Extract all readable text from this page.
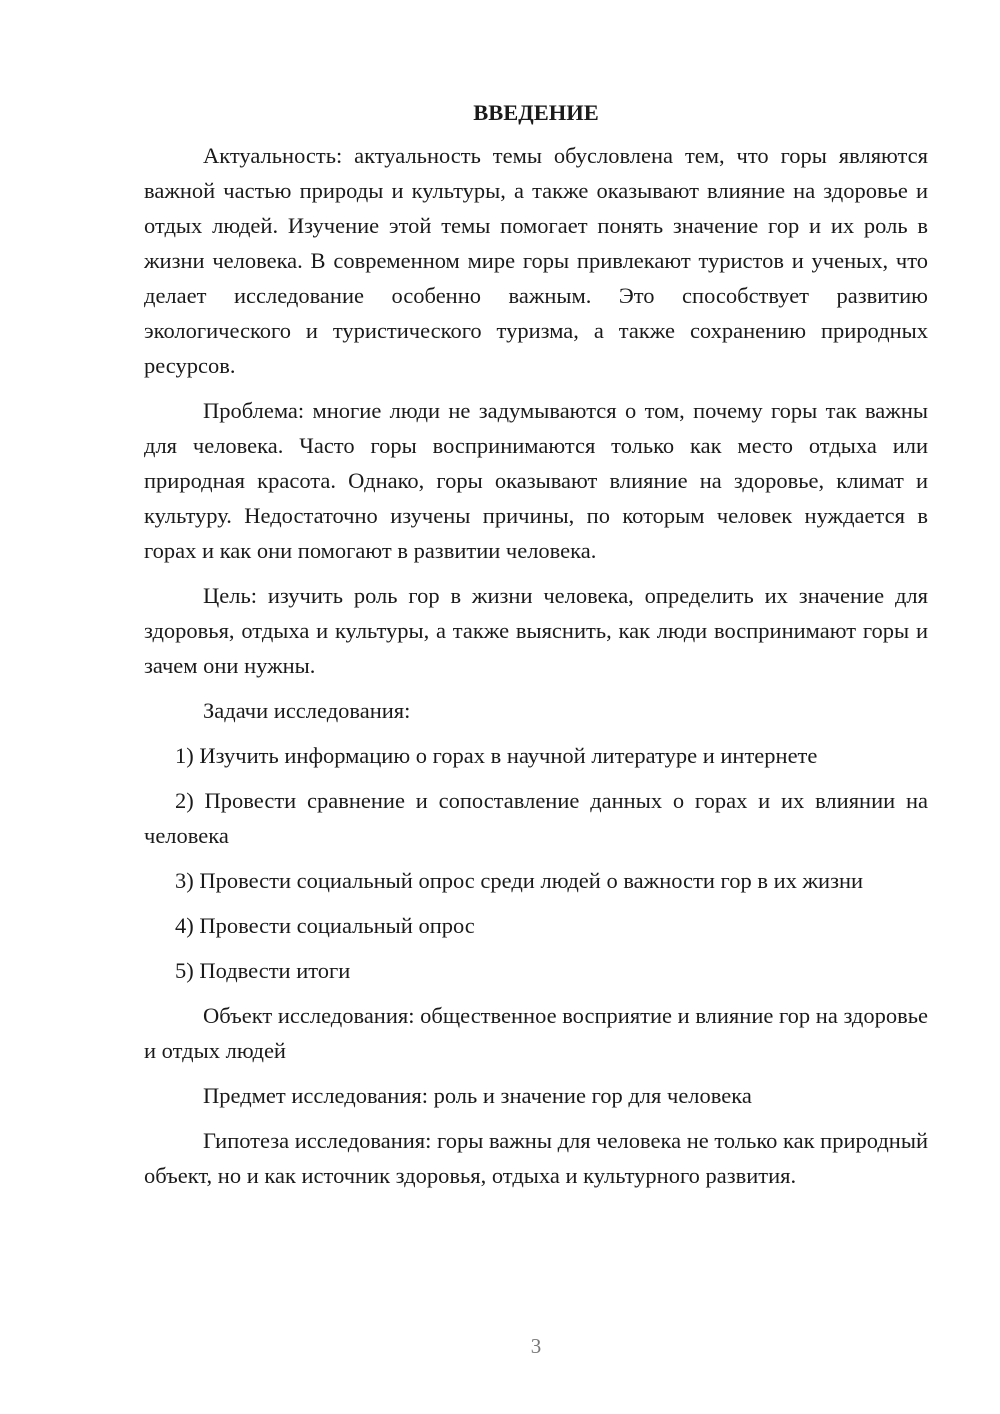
ВВЕДЕНИЕ

Актуальность: актуальность темы обусловлена тем, что горы являются важной частью природы и культуры, а также оказывают влияние на здоровье и отдых людей. Изучение этой темы помогает понять значение гор и их роль в жизни человека. В современном мире горы привлекают туристов и ученых, что делает исследование особенно важным. Это способствует развитию экологического и туристического туризма, а также сохранению природных ресурсов.

Проблема: многие люди не задумываются о том, почему горы так важны для человека. Часто горы воспринимаются только как место отдыха или природная красота. Однако, горы оказывают влияние на здоровье, климат и культуру. Недостаточно изучены причины, по которым человек нуждается в горах и как они помогают в развитии человека.

Цель: изучить роль гор в жизни человека, определить их значение для здоровья, отдыха и культуры, а также выяснить, как люди воспринимают горы и зачем они нужны.

Задачи исследования:

1) Изучить информацию о горах в научной литературе и интернете

2) Провести сравнение и сопоставление данных о горах и их влиянии на человека

3) Провести социальный опрос среди людей о важности гор в их жизни

4) Провести социальный опрос

5) Подвести итоги

Объект исследования: общественное восприятие и влияние гор на здоровье и отдых людей

Предмет исследования: роль и значение гор для человека

Гипотеза исследования: горы важны для человека не только как природный объект, но и как источник здоровья, отдыха и культурного развития.

3
